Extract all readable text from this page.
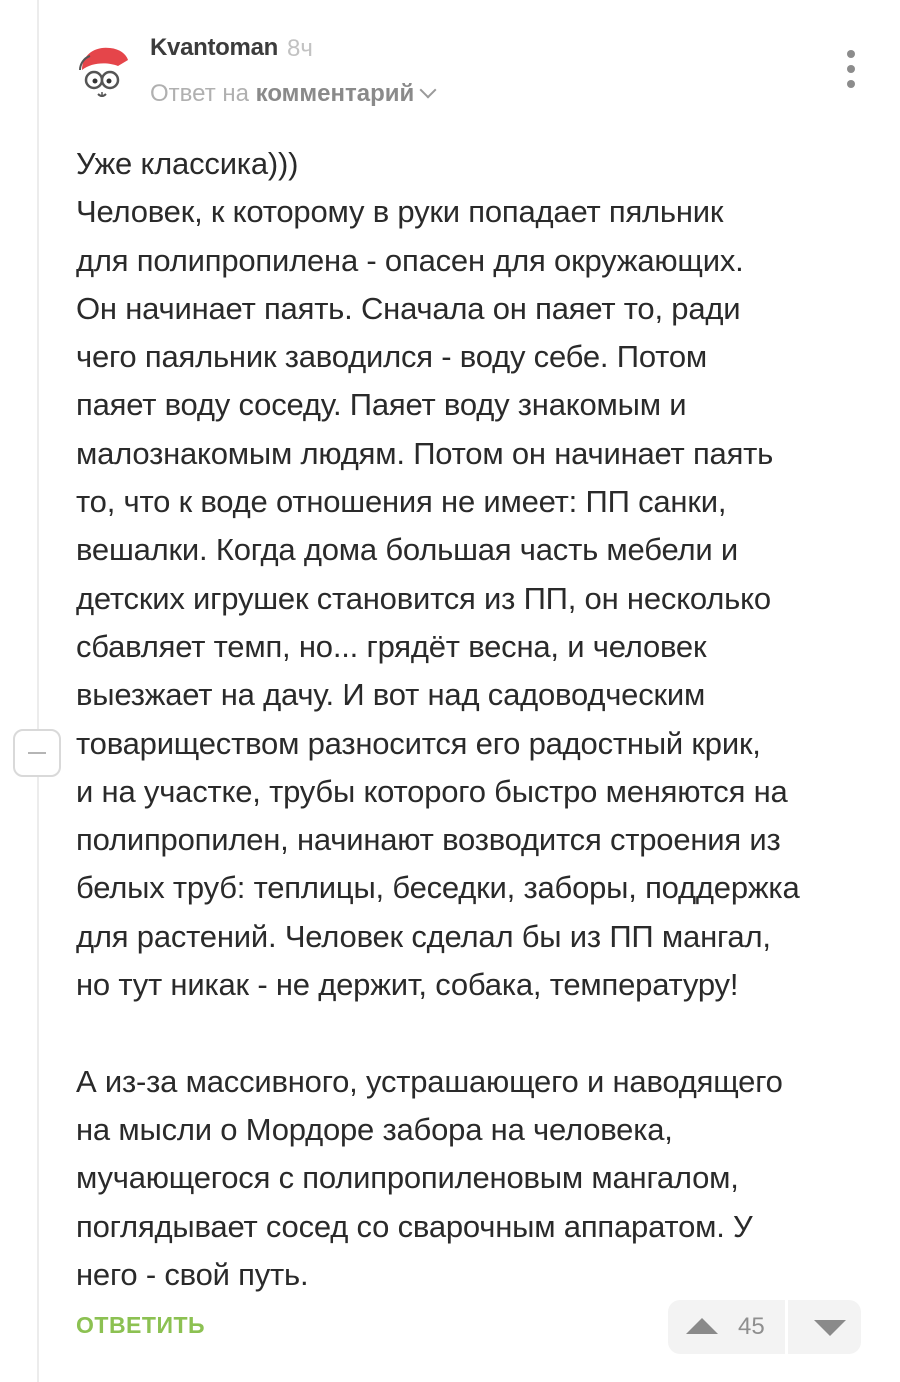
Kvantoman 8ч
Ответ на комментарий
Уже классика)))
Человек, к которому в руки попадает пяльник
для полипропилена - опасен для окружающих.
Он начинает паять. Сначала он паяет то, ради
чего паяльник заводился - воду себе. Потом
паяет воду соседу. Паяет воду знакомым и
малознакомым людям. Потом он начинает паять
то, что к воде отношения не имеет: ПП санки,
вешалки. Когда дома большая часть мебели и
детских игрушек становится из ПП, он несколько
сбавляет темп, но... грядёт весна, и человек
выезжает на дачу. И вот над садоводческим
товариществом разносится его радостный крик,
и на участке, трубы которого быстро меняются на
полипропилен, начинают возводится строения из
белых труб: теплицы, беседки, заборы, поддержка
для растений. Человек сделал бы из ПП мангал,
но тут никак - не держит, собака, температуру!
А из-за массивного, устрашающего и наводящего
на мысли о Мордоре забора на человека,
мучающегося с полипропиленовым мангалом,
поглядывает сосед со сварочным аппаратом. У
него - свой путь.
ОТВЕТИТЬ	45
